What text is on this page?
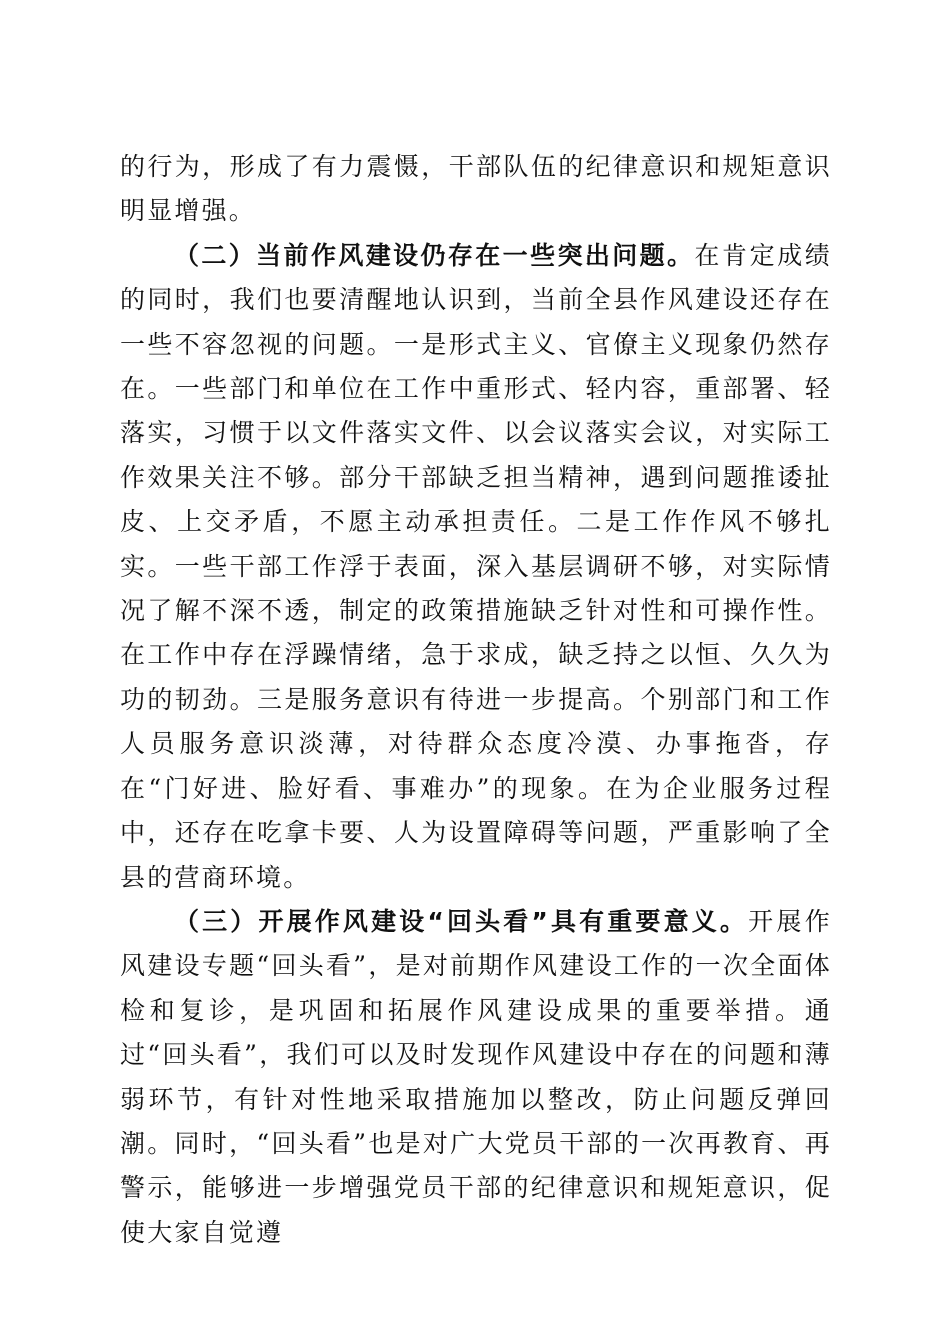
的行为，形成了有力震慑，干部队伍的纪律意识和规矩意识明显增强。

（二）当前作风建设仍存在一些突出问题。在肯定成绩的同时，我们也要清醒地认识到，当前全县作风建设还存在一些不容忽视的问题。一是形式主义、官僚主义现象仍然存在。一些部门和单位在工作中重形式、轻内容，重部署、轻落实，习惯于以文件落实文件、以会议落实会议，对实际工作效果关注不够。部分干部缺乏担当精神，遇到问题推诿扯皮、上交矛盾，不愿主动承担责任。二是工作作风不够扎实。一些干部工作浮于表面，深入基层调研不够，对实际情况了解不深不透，制定的政策措施缺乏针对性和可操作性。在工作中存在浮躁情绪，急于求成，缺乏持之以恒、久久为功的韧劲。三是服务意识有待进一步提高。个别部门和工作人员服务意识淡薄，对待群众态度冷漠、办事拖沓，存在“门好进、脸好看、事难办”的现象。在为企业服务过程中，还存在吃拿卡要、人为设置障碍等问题，严重影响了全县的营商环境。

（三）开展作风建设“回头看”具有重要意义。开展作风建设专题“回头看”，是对前期作风建设工作的一次全面体检和复诊，是巩固和拓展作风建设成果的重要举措。通过“回头看”，我们可以及时发现作风建设中存在的问题和薄弱环节，有针对性地采取措施加以整改，防止问题反弹回潮。同时，“回头看”也是对广大党员干部的一次再教育、再警示，能够进一步增强党员干部的纪律意识和规矩意识，促使大家自觉遵
